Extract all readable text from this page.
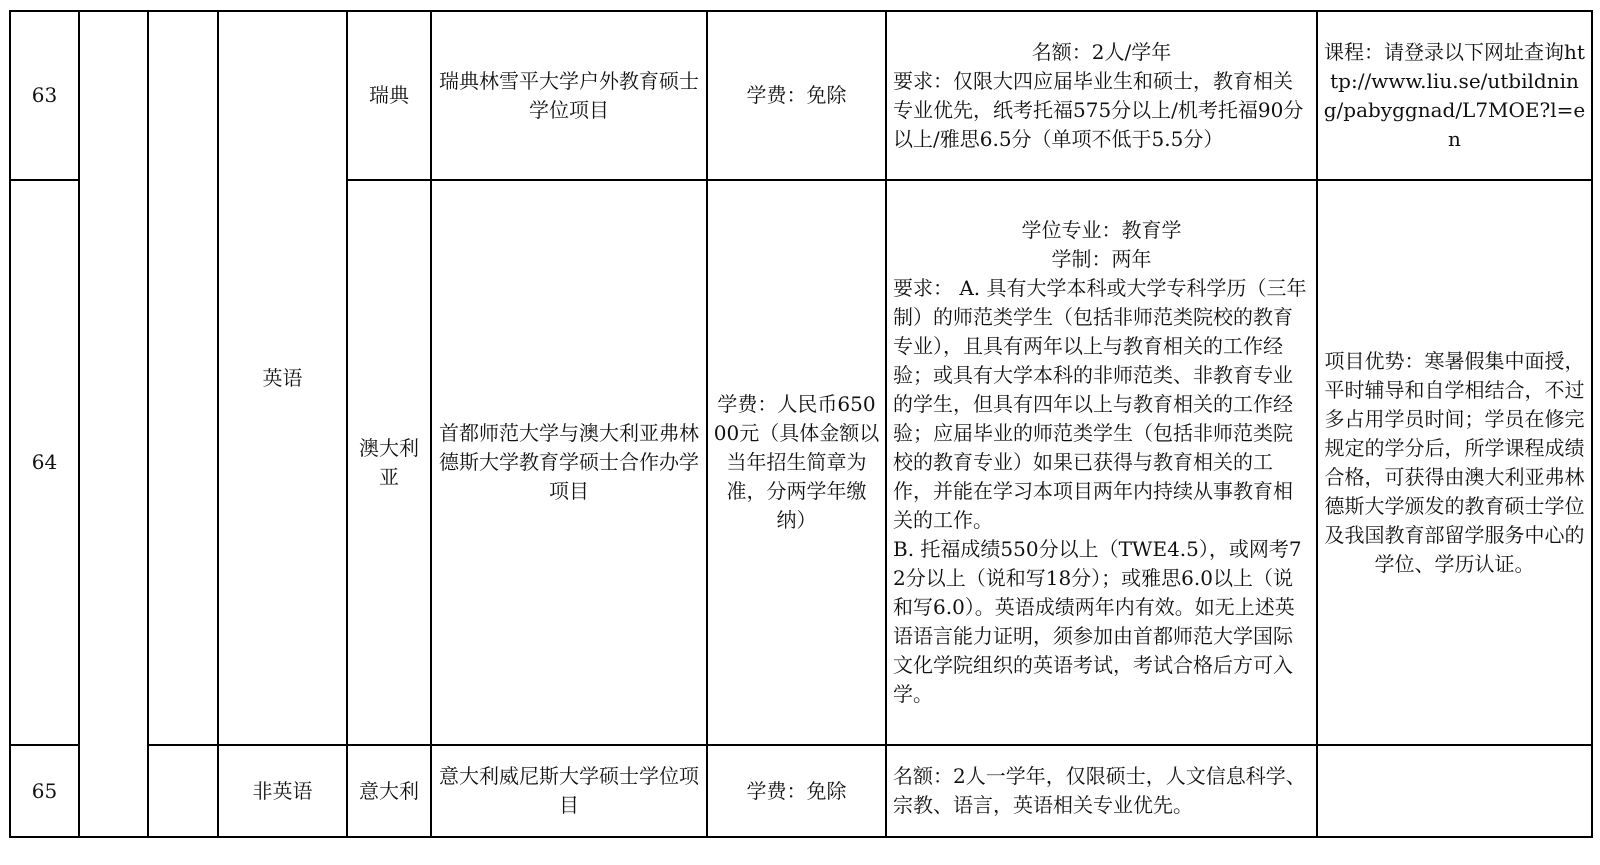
63			英语	瑞典	瑞典林雪平大学户外教育硕士学位项目	学费：免除	名额：2人/学年
要求：仅限大四应届毕业生和硕士，教育相关专业优先，纸考托福575分以上/机考托福90分以上/雅思6.5分（单项不低于5.5分）	课程：请登录以下网址查询http://www.liu.se/utbildning/pabyggnad/L7MOE?l=en
64				澳大利亚	首都师范大学与澳大利亚弗林德斯大学教育学硕士合作办学项目	学费：人民币65000元（具体金额以当年招生简章为准，分两学年缴纳）	学位专业：教育学
学制：两年
要求： A. 具有大学本科或大学专科学历（三年制）的师范类学生（包括非师范类院校的教育专业），且具有两年以上与教育相关的工作经验；或具有大学本科的非师范类、非教育专业的学生，但具有四年以上与教育相关的工作经验；应届毕业的师范类学生（包括非师范类院校的教育专业）如果已获得与教育相关的工作，并能在学习本项目两年内持续从事教育相关的工作。
B. 托福成绩550分以上（TWE4.5），或网考72分以上（说和写18分）；或雅思6.0以上（说和写6.0）。英语成绩两年内有效。如无上述英语语言能力证明，须参加由首都师范大学国际文化学院组织的英语考试，考试合格后方可入学。	项目优势：寒暑假集中面授，平时辅导和自学相结合，不过多占用学员时间；学员在修完规定的学分后，所学课程成绩合格，可获得由澳大利亚弗林德斯大学颁发的教育硕士学位及我国教育部留学服务中心的学位、学历认证。
65			非英语	意大利	意大利威尼斯大学硕士学位项目	学费：免除	名额：2人一学年，仅限硕士，人文信息科学、宗教、语言，英语相关专业优先。	
